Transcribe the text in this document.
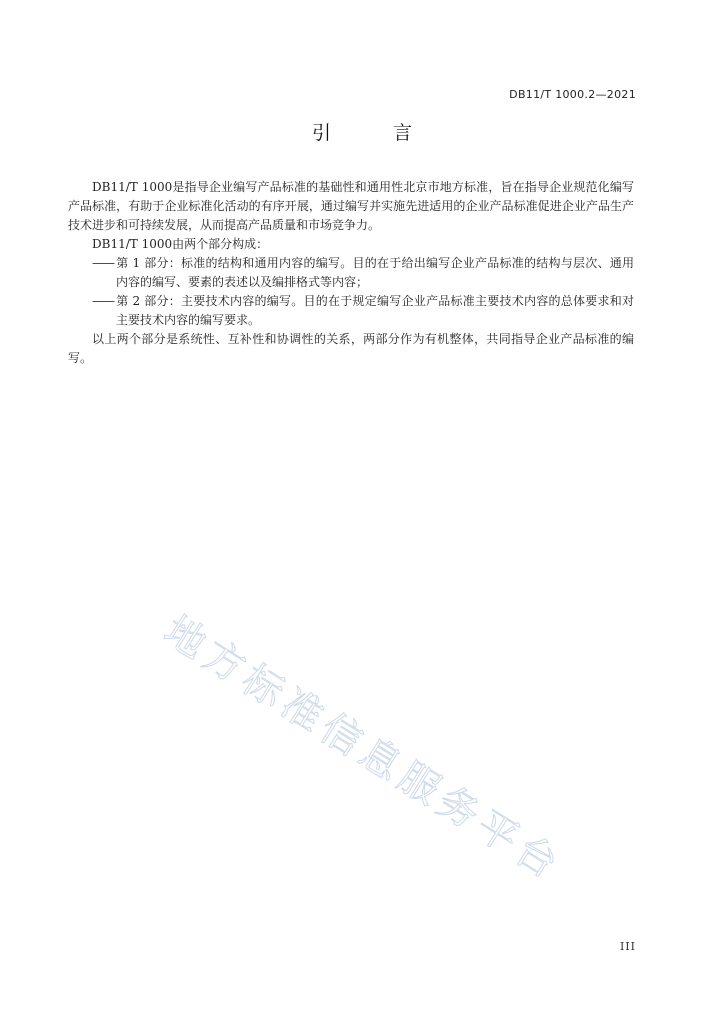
DB11/T 1000.2—2021
引 言

DB11/T 1000是指导企业编写产品标准的基础性和通用性北京市地方标准，旨在指导企业规范化编写产品标准，有助于企业标准化活动的有序开展，通过编写并实施先进适用的企业产品标准促进企业产品生产技术进步和可持续发展，从而提高产品质量和市场竞争力。

DB11/T 1000由两个部分构成：

—— 第 1 部分：标准的结构和通用内容的编写。目的在于给出编写企业产品标准的结构与层次、通用内容的编写、要素的表述以及编排格式等内容；

—— 第 2 部分：主要技术内容的编写。目的在于规定编写企业产品标准主要技术内容的总体要求和对主要技术内容的编写要求。

以上两个部分是系统性、互补性和协调性的关系，两部分作为有机整体，共同指导企业产品标准的编写。

地方标准信息服务平台
III
